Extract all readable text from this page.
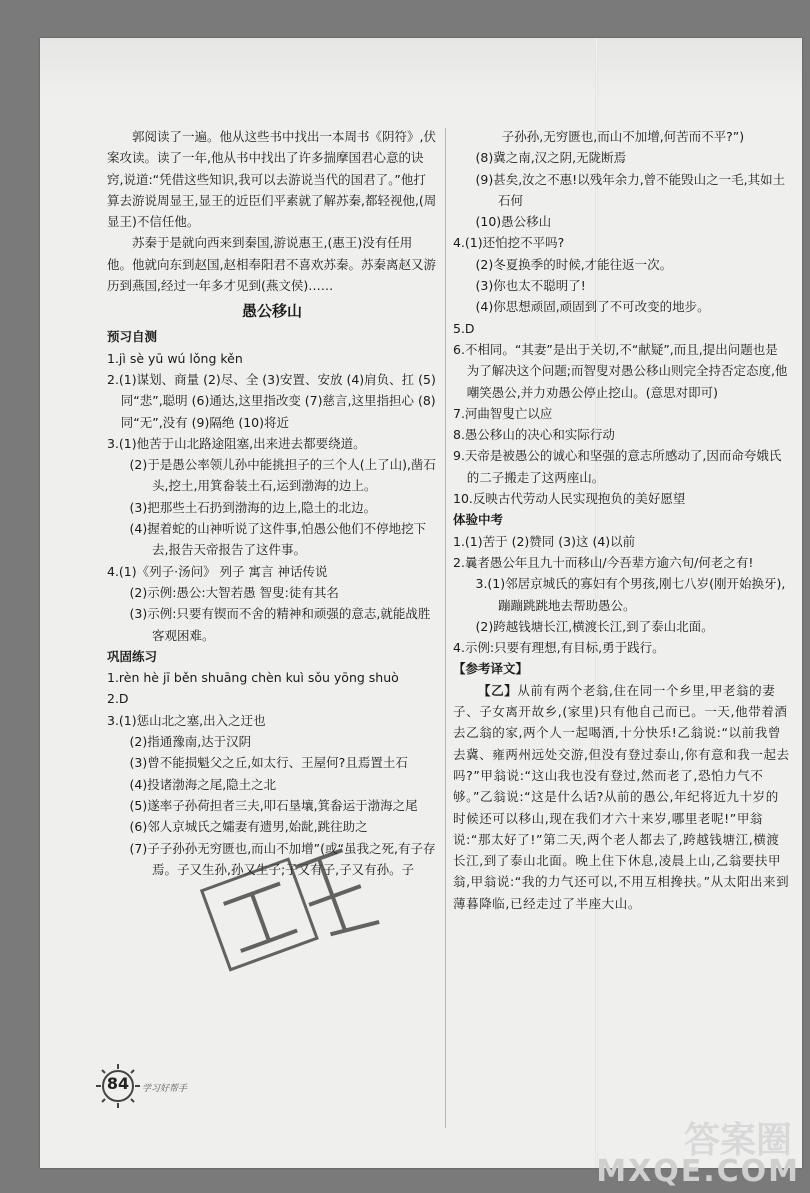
郭阅读了一遍。他从这些书中找出一本周书《阴符》,伏案攻读。读了一年,他从书中找出了许多揣摩国君心意的诀窍,说道:“凭借这些知识,我可以去游说当代的国君了。”他打算去游说周显王,显王的近臣们平素就了解苏秦,都轻视他,(周显王)不信任他。

苏秦于是就向西来到秦国,游说惠王,(惠王)没有任用他。他就向东到赵国,赵相奉阳君不喜欢苏秦。苏秦离赵又游历到燕国,经过一年多才见到(燕文侯)……

愚公移山

预习自测

1.jì sè yū wú lǒng kěn

2.(1)谋划、商量 (2)尽、全 (3)安置、安放 (4)肩负、扛 (5)同“悲”,聪明 (6)通达,这里指改变 (7)慈言,这里指担心 (8)同“无”,没有 (9)隔绝 (10)将近

3.(1)他苦于山北路途阻塞,出来进去都要绕道。

(2)于是愚公率领儿孙中能挑担子的三个人(上了山),凿石头,挖土,用箕畚装土石,运到渤海的边上。

(3)把那些土石扔到渤海的边上,隐土的北边。

(4)握着蛇的山神听说了这件事,怕愚公他们不停地挖下去,报告天帝报告了这件事。

4.(1)《列子·汤问》 列子 寓言 神话传说

(2)示例:愚公:大智若愚 智叟:徒有其名

(3)示例:只要有锲而不舍的精神和顽强的意志,就能战胜客观困难。

巩固练习

1.rèn hè jī běn shuāng chèn kuì sǒu yōng shuò

2.D

3.(1)惩山北之塞,出入之迂也

(2)指通豫南,达于汉阴

(3)曾不能损魁父之丘,如太行、王屋何?且焉置土石

(4)投诸渤海之尾,隐土之北

(5)遂率子孙荷担者三夫,叩石垦壤,箕畚运于渤海之尾

(6)邻人京城氏之孀妻有遗男,始龀,跳往助之

(7)子子孙孙无穷匮也,而山不加增”(或“虽我之死,有子存焉。子又生孙,孙又生子;子又有子,子又有孙。子

子孙孙,无穷匮也,而山不加增,何苦而不平?”)

(8)冀之南,汉之阴,无陇断焉

(9)甚矣,汝之不惠!以残年余力,曾不能毁山之一毛,其如土石何

(10)愚公移山

4.(1)还怕挖不平吗?

(2)冬夏换季的时候,才能往返一次。

(3)你也太不聪明了!

(4)你思想顽固,顽固到了不可改变的地步。

5.D

6.不相同。“其妻”是出于关切,不“献疑”,而且,提出问题也是为了解决这个问题;而智叟对愚公移山则完全持否定态度,他嘲笑愚公,并力劝愚公停止挖山。(意思对即可)

7.河曲智叟亡以应

8.愚公移山的决心和实际行动

9.天帝是被愚公的诚心和坚强的意志所感动了,因而命夸娥氏的二子搬走了这两座山。

10.反映古代劳动人民实现抱负的美好愿望

体验中考

1.(1)苦于 (2)赞同 (3)这 (4)以前

2.曩者愚公年且九十而移山/今吾辈方逾六旬/何老之有!

3.(1)邻居京城氏的寡妇有个男孩,刚七八岁(刚开始换牙),蹦蹦跳跳地去帮助愚公。

(2)跨越钱塘长江,横渡长江,到了泰山北面。

4.示例:只要有理想,有目标,勇于践行。

【参考译文】

【乙】从前有两个老翁,住在同一个乡里,甲老翁的妻子、子女离开故乡,(家里)只有他自己而已。一天,他带着酒去乙翁的家,两个人一起喝酒,十分快乐!乙翁说:“以前我曾去冀、雍两州远处交游,但没有登过泰山,你有意和我一起去吗?”甲翁说:“这山我也没有登过,然而老了,恐怕力气不够。”乙翁说:“这是什么话?从前的愚公,年纪将近九十岁的时候还可以移山,现在我们才六十来岁,哪里老呢!”甲翁说:“那太好了!”第二天,两个老人都去了,跨越钱塘江,横渡长江,到了泰山北面。晚上住下休息,凌晨上山,乙翁要扶甲翁,甲翁说:“我的力气还可以,不用互相搀扶。”从太阳出来到薄暮降临,已经走过了半座大山。

84	学习好帮手
答案圈
MXQE.COM
